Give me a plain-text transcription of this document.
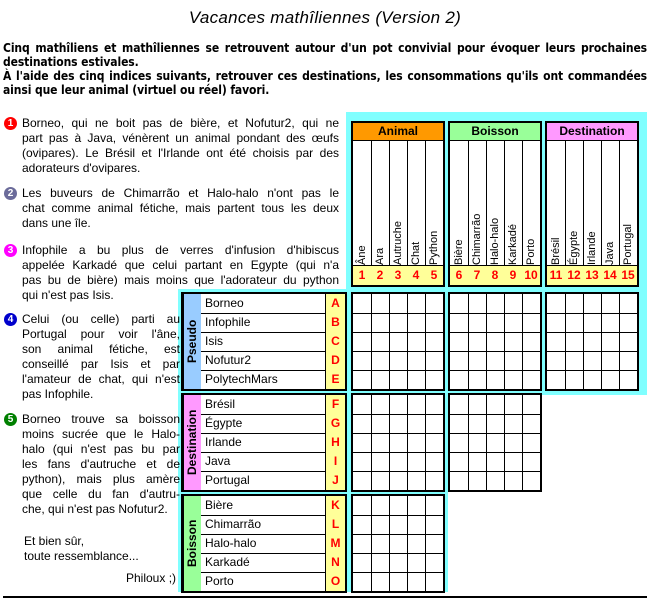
Vacances mathîliennes (Version 2)

Cinq mathîliens et mathîliennes se retrouvent autour d'un pot convivial pour évoquer leurs prochaines destinations estivales.

À l'aide des cinq indices suivants, retrouver ces destinations, les consommations qu'ils ont commandées ainsi que leur animal (virtuel ou réel) favori.

Et bien sûr,
toute ressemblance...
Philoux ;)
Animal
Âne
1
Ara
2
Autruche
3
Chat
4
Python
5
Boisson
Bière
6
Chimarrão
7
Halo-halo
8
Karkadé
9
Porto
10
Destination
Brésil
11
Égypte
12
Irlande
13
Java
14
Portugal
15
Pseudo
Borneo	A
Infophile	B
Isis	C
Nofutur2	D
PolytechMars	E
Destination
Brésil	F
Égypte	G
Irlande	H
Java	I
Portugal	J
Boisson
Bière	K
Chimarrão	L
Halo-halo	M
Karkadé	N
Porto	O
1 Borneo, qui ne boit pas de bière, et Nofutur2, qui ne
part pas à Java, vénèrent un animal pondant des œufs
(ovipares). Le Brésil et l'Irlande ont été choisis par des
adorateurs d'ovipares.
2 Les buveurs de Chimarrão et Halo-halo n'ont pas le
chat comme animal fétiche, mais partent tous les deux
dans une île.
3 Infophile a bu plus de verres d'infusion d'hibiscus
appelée Karkadé que celui partant en Egypte (qui n'a
pas bu de bière) mais moins que l'adorateur du python
qui n'est pas Isis.
4 Celui (ou celle) parti au
Portugal pour voir l'âne,
son animal fétiche, est
conseillé par Isis et par
l'amateur de chat, qui n'est
pas Infophile.
5 Borneo trouve sa boisson
moins sucrée que le Halo-
halo (qui n'est pas bu par
les fans d'autruche et de
python), mais plus amère
que celle du fan d'autru-
che, qui n'est pas Nofutur2.
